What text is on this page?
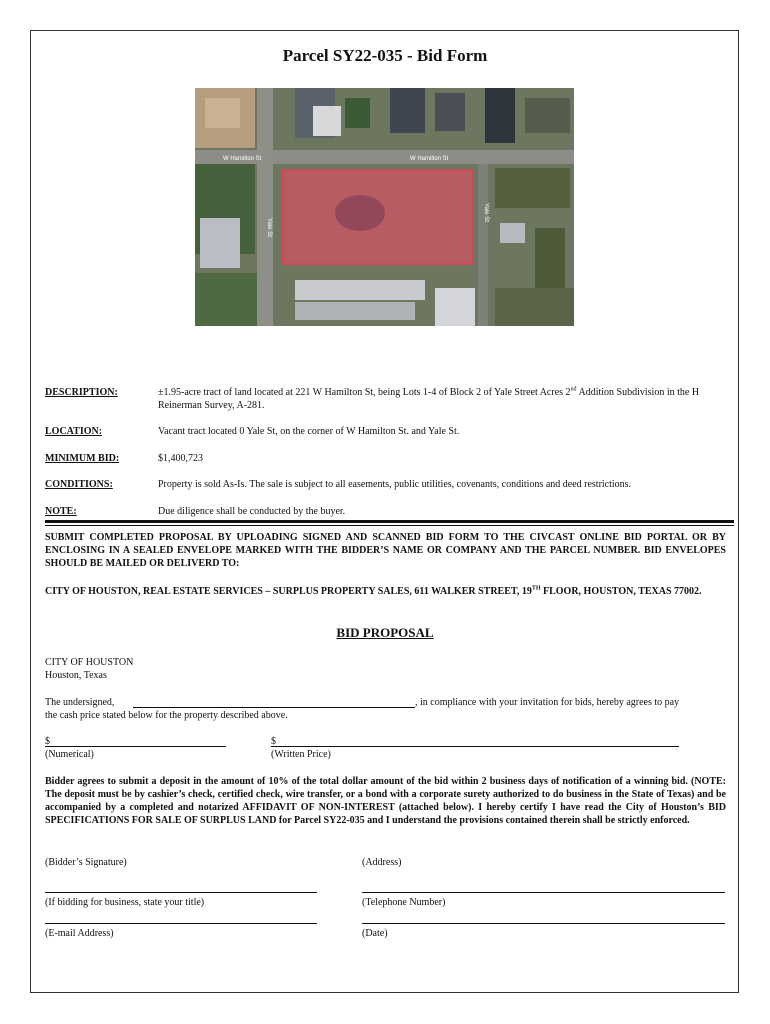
Parcel SY22-035 - Bid Form
W Hamilton St	W Hamilton St
Yale St
Yale St
DESCRIPTION:	±1.95-acre tract of land located at 221 W Hamilton St, being Lots 1-4 of Block 2 of Yale Street Acres 2nd Addition Subdivision in the H Reinerman Survey, A-281.
LOCATION:	Vacant tract located 0 Yale St, on the corner of W Hamilton St. and Yale St.
MINIMUM BID:	$1,400,723
CONDITIONS:	Property is sold As-Is. The sale is subject to all easements, public utilities, covenants, conditions and deed restrictions.
NOTE:	Due diligence shall be conducted by the buyer.
SUBMIT COMPLETED PROPOSAL BY UPLOADING SIGNED AND SCANNED BID FORM TO THE CIVCAST ONLINE BID PORTAL OR BY ENCLOSING IN A SEALED ENVELOPE MARKED WITH THE BIDDER’S NAME OR COMPANY AND THE PARCEL NUMBER. BID ENVELOPES SHOULD BE MAILED OR DELIVERD TO:
CITY OF HOUSTON, REAL ESTATE SERVICES – SURPLUS PROPERTY SALES, 611 WALKER STREET, 19TH FLOOR, HOUSTON, TEXAS 77002.
BID PROPOSAL
CITY OF HOUSTON
Houston, Texas
The undersigned,	, in compliance with your invitation for bids, hereby agrees to pay
the cash price stated below for the property described above.
$	$
(Numerical)	(Written Price)
Bidder agrees to submit a deposit in the amount of 10% of the total dollar amount of the bid within 2 business days of notification of a winning bid. (NOTE: The deposit must be by cashier’s check, certified check, wire transfer, or a bond with a corporate surety authorized to do business in the State of Texas) and be accompanied by a completed and notarized AFFIDAVIT OF NON-INTEREST (attached below). I hereby certify I have read the City of Houston’s BID SPECIFICATIONS FOR SALE OF SURPLUS LAND for Parcel SY22-035 and I understand the provisions contained therein shall be strictly enforced.
(Bidder’s Signature)	(Address)
(If bidding for business, state your title)	(Telephone Number)
(E-mail Address)	(Date)
